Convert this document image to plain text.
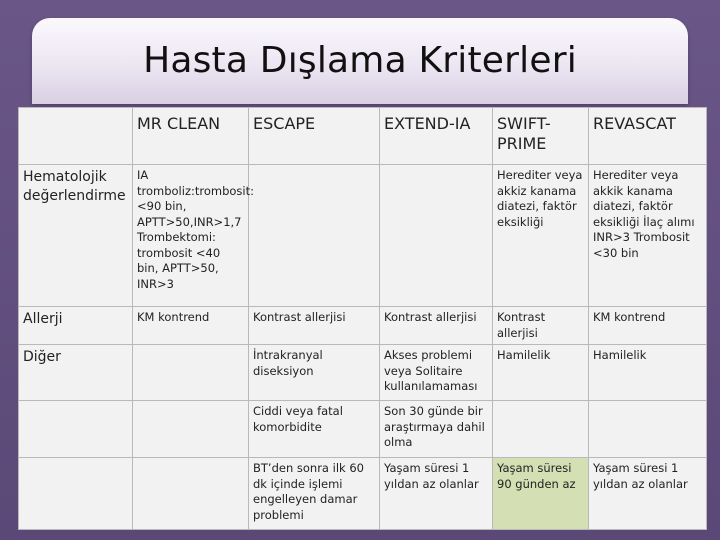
Hasta Dışlama Kriterleri
	MR CLEAN	ESCAPE	EXTEND-IA	SWIFT-PRIME	REVASCAT
Hematolojik değerlendirme	IA tromboliz:trombosit: <90 bin, APTT>50,INR>1,7 Trombektomi: trombosit <40 bin, APTT>50, INR>3			Herediter veya akkiz kanama diatezi, faktör eksikliği	Herediter veya akkik kanama diatezi, faktör eksikliği İlaç alımı INR>3 Trombosit <30 bin
Allerji	KM kontrend	Kontrast allerjisi	Kontrast allerjisi	Kontrast allerjisi	KM kontrend
Diğer		İntrakranyal diseksiyon	Akses problemi veya Solitaire kullanılamaması	Hamilelik	Hamilelik
		Ciddi veya fatal komorbidite	Son 30 günde bir araştırmaya dahil olma		
		BT’den sonra ilk 60 dk içinde işlemi engelleyen damar problemi	Yaşam süresi 1 yıldan az olanlar	Yaşam süresi 90 günden az	Yaşam süresi 1 yıldan az olanlar
